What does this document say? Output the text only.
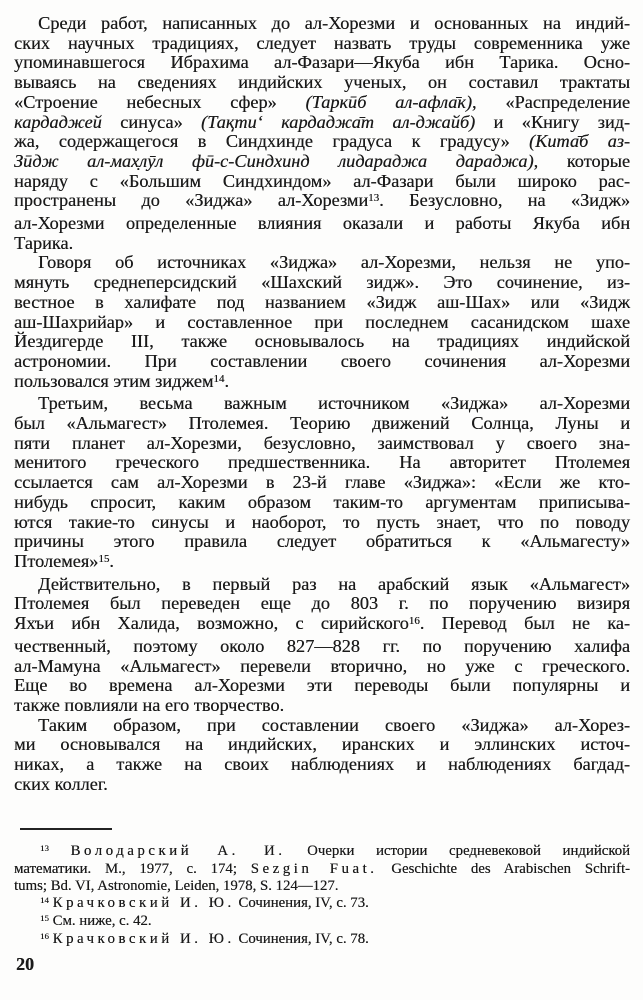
Среди работ, написанных до ал-Хорезми и основанных на индий-
ских научных традициях, следует назвать труды современника уже
упоминавшегося Ибрахима ал-Фазари—Якуба ибн Тарика. Осно-
вываясь на сведениях индийских ученых, он составил трактаты
«Строение небесных сфер» (Таркӣб ал-афла̄к), «Распределение
кардаджей синуса» (Тақти‘ кардаджа̄т ал-джайб) и «Книгу зид-
жа, содержащегося в Синдхинде градуса к градусу» (Кита̄б аз-
Зӣдж ал-мах̣лӯл фӣ-с-Синдхинд лидараджа дараджа), которые
наряду с «Большим Синдхиндом» ал-Фазари были широко рас-
пространены до «Зиджа» ал-Хорезми$^{13}$. Безусловно, на «Зидж»
ал-Хорезми определенные влияния оказали и работы Якуба ибн
Тарика.
Говоря об источниках «Зиджа» ал-Хорезми, нельзя не упо-
мянуть среднеперсидский «Шахский зидж». Это сочинение, из-
вестное в халифате под названием «Зидж аш-Шах» или «Зидж
аш-Шахрийар» и составленное при последнем сасанидском шахе
Йездигерде III, также основывалось на традициях индийской
астрономии. При составлении своего сочинения ал-Хорезми
пользовался этим зиджем$^{14}$.
Третьим, весьма важным источником «Зиджа» ал-Хорезми
был «Альмагест» Птолемея. Теорию движений Солнца, Луны и
пяти планет ал-Хорезми, безусловно, заимствовал у своего зна-
менитого греческого предшественника. На авторитет Птолемея
ссылается сам ал-Хорезми в 23-й главе «Зиджа»: «Если же кто-
нибудь спросит, каким образом таким-то аргументам приписыва-
ются такие-то синусы и наоборот, то пусть знает, что по поводу
причины этого правила следует обратиться к «Альмагесту»
Птолемея»$^{15}$.
Действительно, в первый раз на арабский язык «Альмагест»
Птолемея был переведен еще до 803 г. по поручению визиря
Яхъи ибн Халида, возможно, с сирийского$^{16}$. Перевод был не ка-
чественный, поэтому около 827—828 гг. по поручению халифа
ал-Мамуна «Альмагест» перевели вторично, но уже с греческого.
Еще во времена ал-Хорезми эти переводы были популярны и
также повлияли на его творчество.
Таким образом, при составлении своего «Зиджа» ал-Хорез-
ми основывался на индийских, иранских и эллинских источ-
никах, а также на своих наблюдениях и наблюдениях багдад-
ских коллег.
$^{13}$ Володарский А. И. Очерки истории средневековой индийской
математики. М., 1977, с. 174; Sezgin Fuat. Geschichte des Arabischen Schrift-
tums; Bd. VI, Astronomie, Leiden, 1978, S. 124—127.
$^{14}$ Крачковский И. Ю. Сочинения, IV, с. 73.
$^{15}$ См. ниже, с. 42.
$^{16}$ Крачковский И. Ю. Сочинения, IV, с. 78.
20
